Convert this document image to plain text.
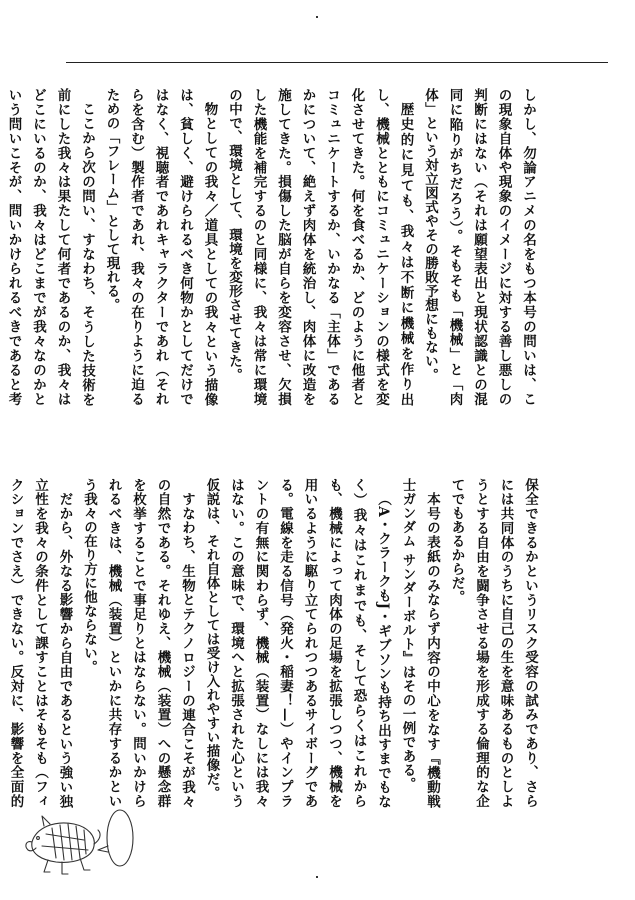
しかし、勿論アニメの名をもつ本号の問いは、この現象自体や現象のイメージに対する善し悪しの判断にはない（それは願望表出と現状認識との混同に陥りがちだろう）。そもそも「機械」と「肉体」という対立図式やその勝敗予想にもない。

歴史的に見ても、我々は不断に機械を作り出し、機械とともにコミュニケーションの様式を変化させてきた。何を食べるか、どのように他者とコミュニケートするか、いかなる「主体」であるかについて、絶えず肉体を統治し、肉体に改造を施してきた。損傷した脳が自らを変容させ、欠損した機能を補完するのと同様に、我々は常に環境の中で、環境として、環境を変形させてきた。

物としての我々／道具としての我々という描像は、貧しく、避けられるべき何物かとしてだけではなく、視聴者であれキャラクターであれ（それらを含む）製作者であれ、我々の在りように迫るための「フレーム」として現れる。

ここから次の問い、すなわち、そうした技術を前にした我々は果たして何者であるのか、我々はどこにいるのか、我々はどこまでが我々なのかという問いこそが、問いかけられるべきであると考

保全できるかというリスク受容の試みであり、さらには共同体のうちに自己の生を意味あるものとしようとする自由を闘争させる場を形成する倫理的な企てでもあるからだ。

本号の表紙のみならず内容の中心をなす『機動戦士ガンダム サンダーボルト』はその一例である。

（A・クラークもJ・ギブソンも持ち出すまでもなく）我々はこれまでも、そして恐らくはこれからも、機械によって肉体の足場を拡張しつつ、機械を用いるように駆り立てられつつあるサイボーグである。電線を走る信号（発火・稲妻！—）やインプラントの有無に関わらず、機械（装置）なしには我々はない。この意味で、環境へと拡張された心という仮説は、それ自体としては受け入れやすい描像だ。

すなわち、生物とテクノロジーの連合こそが我々の自然である。それゆえ、機械（装置）への懸念群を枚挙することで事足りとはならない。問いかけられるべきは、機械（装置）といかに共存するかという我々の在り方に他ならない。

だから、外なる影響から自由であるという強い独立性を我々の条件として課すことはそもそも（フィクションでさえ）できない。反対に、影響を全面的
